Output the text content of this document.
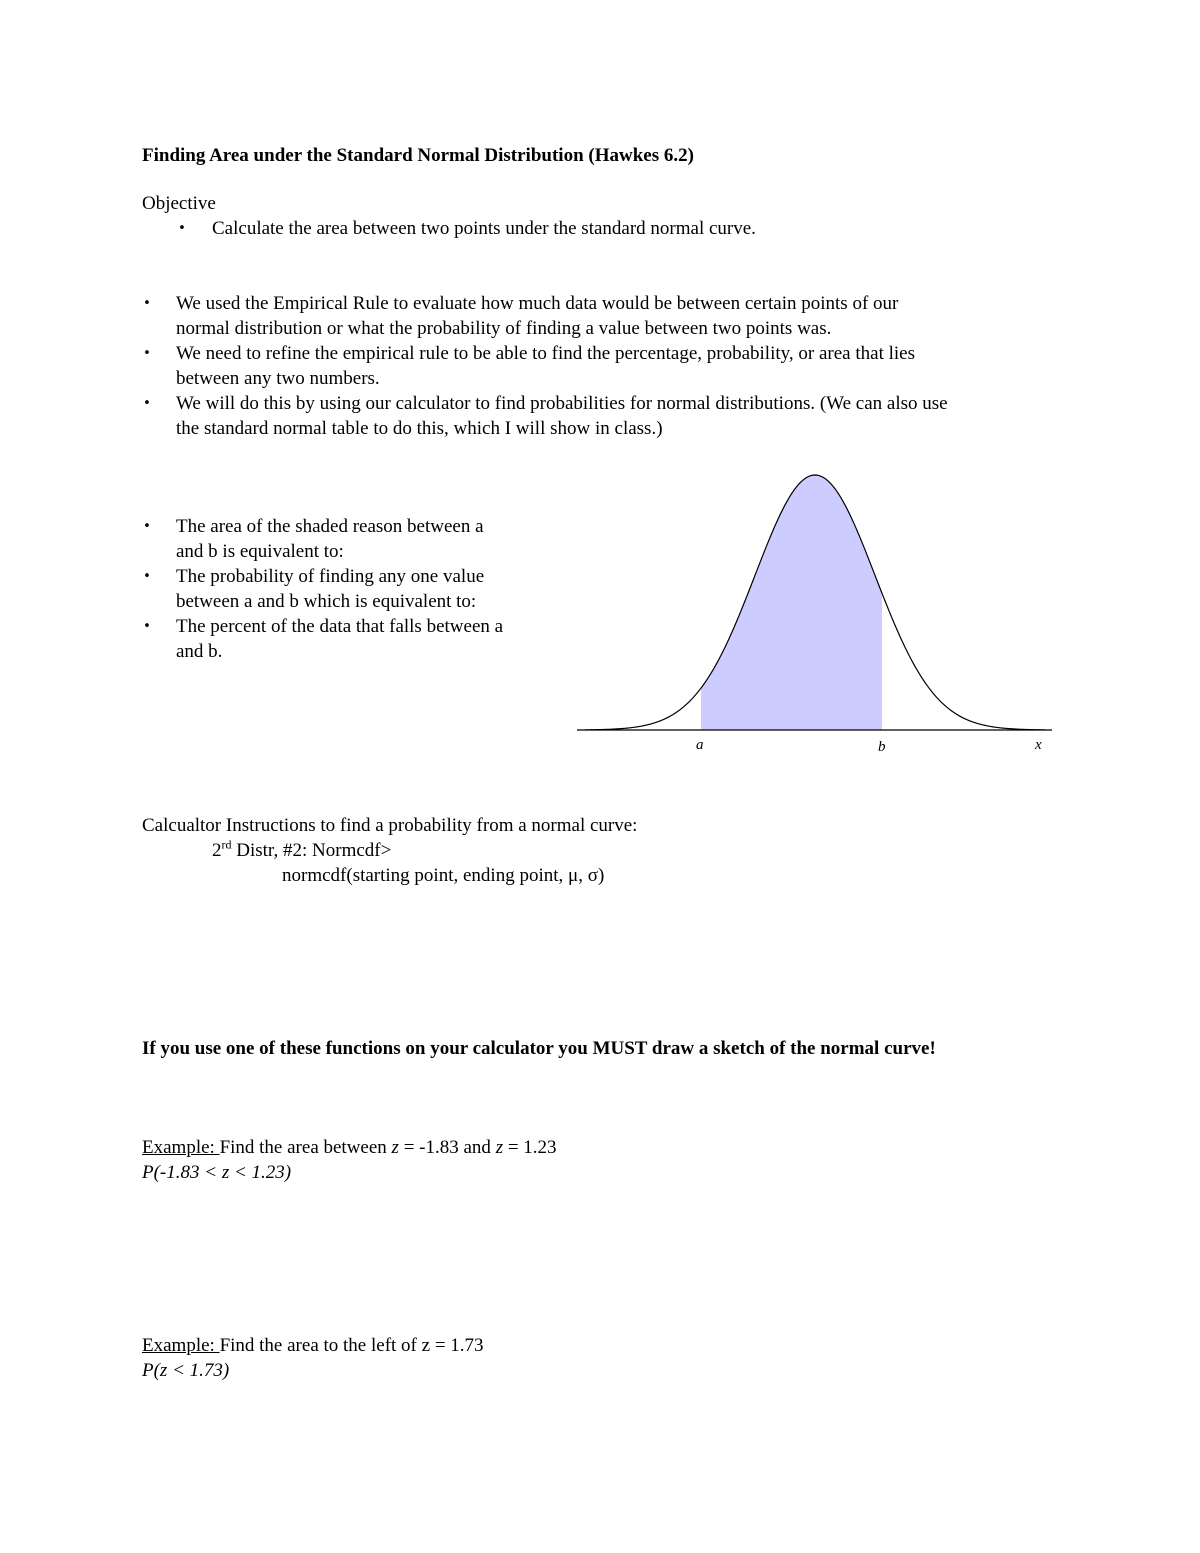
Finding Area under the Standard Normal Distribution (Hawkes 6.2)
Objective
• Calculate the area between two points under the standard normal curve.
• We used the Empirical Rule to evaluate how much data would be between certain points of our
normal distribution or what the probability of finding a value between two points was.
• We need to refine the empirical rule to be able to find the percentage, probability, or area that lies
between any two numbers.
• We will do this by using our calculator to find probabilities for normal distributions. (We can also use
the standard normal table to do this, which I will show in class.)
• The area of the shaded reason between a
and b is equivalent to:
• The probability of finding any one value
between a and b which is equivalent to:
• The percent of the data that falls between a
and b.
a	b	x
Calcualtor Instructions to find a probability from a normal curve:
2rd Distr, #2: Normcdf>
normcdf(starting point, ending point, μ, σ)
If you use one of these functions on your calculator you MUST draw a sketch of the normal curve!
Example: Find the area between z = -1.83 and z = 1.23
P(-1.83 < z < 1.23)
Example: Find the area to the left of z = 1.73
P(z < 1.73)
